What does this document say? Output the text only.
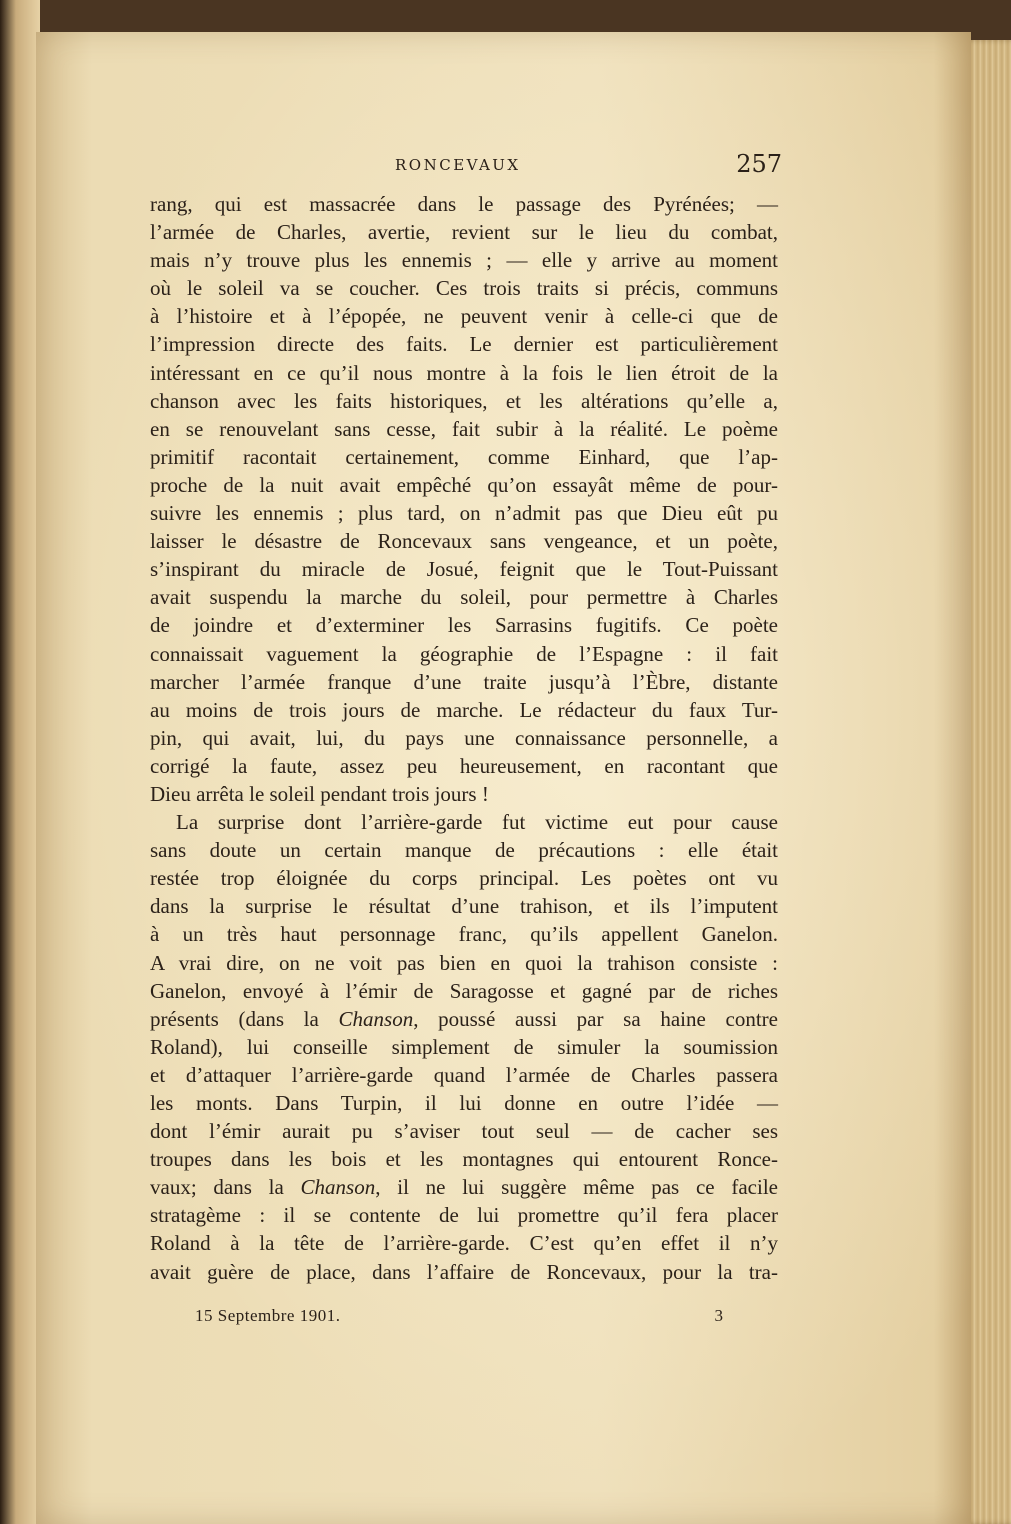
RONCEVAUX	257

rang, qui est massacrée dans le passage des Pyrénées; —
l’armée de Charles, avertie, revient sur le lieu du combat,
mais n’y trouve plus les ennemis ; — elle y arrive au moment
où le soleil va se coucher. Ces trois traits si précis, communs
à l’histoire et à l’épopée, ne peuvent venir à celle-ci que de
l’impression directe des faits. Le dernier est particulièrement
intéressant en ce qu’il nous montre à la fois le lien étroit de la
chanson avec les faits historiques, et les altérations qu’elle a,
en se renouvelant sans cesse, fait subir à la réalité. Le poème
primitif racontait certainement, comme Einhard, que l’ap-
proche de la nuit avait empêché qu’on essayât même de pour-
suivre les ennemis ; plus tard, on n’admit pas que Dieu eût pu
laisser le désastre de Roncevaux sans vengeance, et un poète,
s’inspirant du miracle de Josué, feignit que le Tout-Puissant
avait suspendu la marche du soleil, pour permettre à Charles
de joindre et d’exterminer les Sarrasins fugitifs. Ce poète
connaissait vaguement la géographie de l’Espagne : il fait
marcher l’armée franque d’une traite jusqu’à l’Èbre, distante
au moins de trois jours de marche. Le rédacteur du faux Tur-
pin, qui avait, lui, du pays une connaissance personnelle, a
corrigé la faute, assez peu heureusement, en racontant que
Dieu arrêta le soleil pendant trois jours !

La surprise dont l’arrière-garde fut victime eut pour cause
sans doute un certain manque de précautions : elle était
restée trop éloignée du corps principal. Les poètes ont vu
dans la surprise le résultat d’une trahison, et ils l’imputent
à un très haut personnage franc, qu’ils appellent Ganelon.
A vrai dire, on ne voit pas bien en quoi la trahison consiste :
Ganelon, envoyé à l’émir de Saragosse et gagné par de riches
présents (dans la Chanson, poussé aussi par sa haine contre
Roland), lui conseille simplement de simuler la soumission
et d’attaquer l’arrière-garde quand l’armée de Charles passera
les monts. Dans Turpin, il lui donne en outre l’idée —
dont l’émir aurait pu s’aviser tout seul — de cacher ses
troupes dans les bois et les montagnes qui entourent Ronce-
vaux; dans la Chanson, il ne lui suggère même pas ce facile
stratagème : il se contente de lui promettre qu’il fera placer
Roland à la tête de l’arrière-garde. C’est qu’en effet il n’y
avait guère de place, dans l’affaire de Roncevaux, pour la tra-

15 Septembre 1901.	3
